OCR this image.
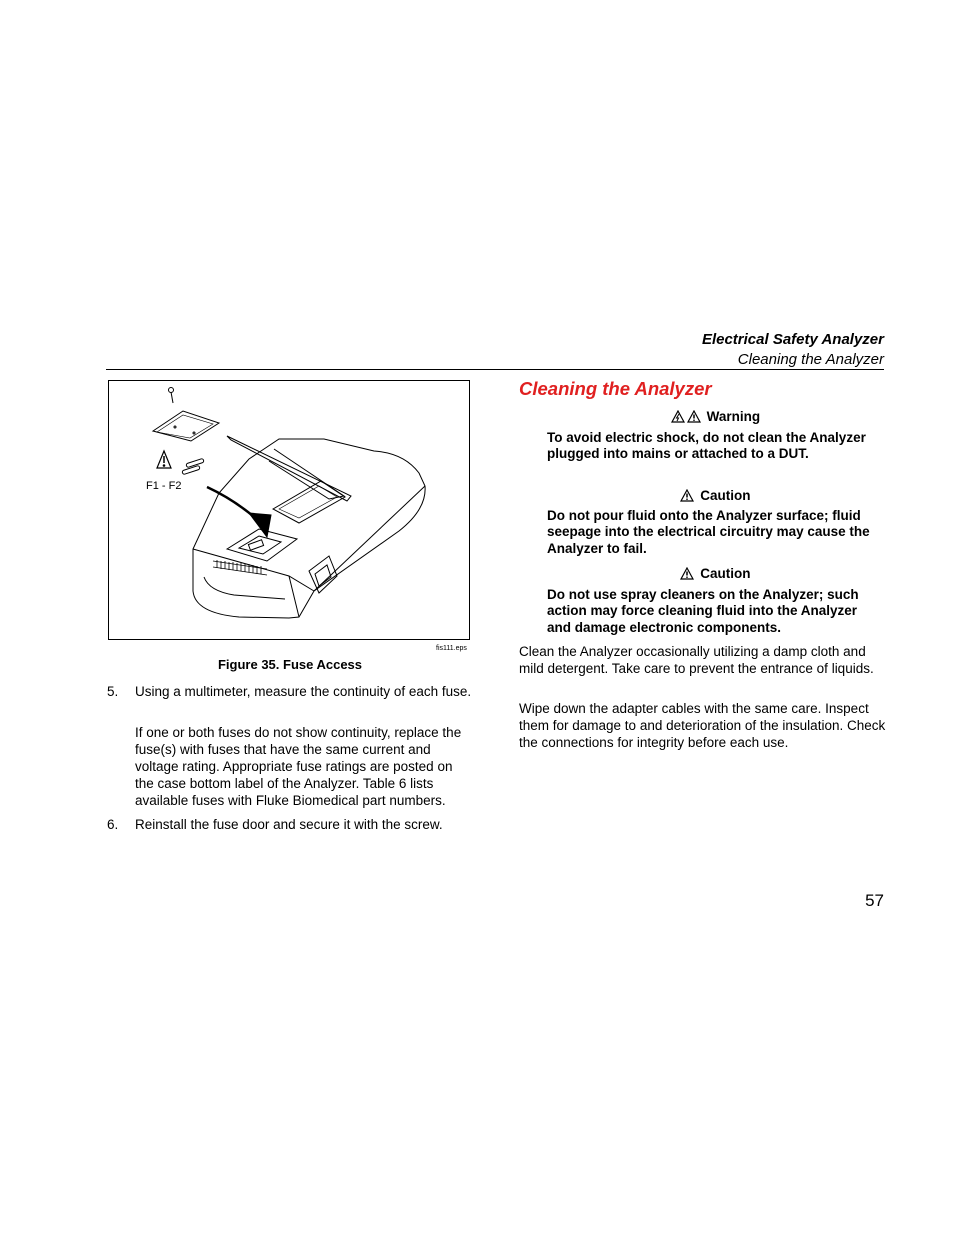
Electrical Safety Analyzer
Cleaning the Analyzer
F1 - F2
fis111.eps
Figure 35. Fuse Access
5. Using a multimeter, measure the continuity of each fuse.
If one or both fuses do not show continuity, replace the fuse(s) with fuses that have the same current and voltage rating. Appropriate fuse ratings are posted on the case bottom label of the Analyzer. Table 6 lists available fuses with Fluke Biomedical part numbers.
6. Reinstall the fuse door and secure it with the screw.
Cleaning the Analyzer
Warning
To avoid electric shock, do not clean the Analyzer plugged into mains or attached to a DUT.
Caution
Do not pour fluid onto the Analyzer surface; fluid seepage into the electrical circuitry may cause the Analyzer to fail.
Caution
Do not use spray cleaners on the Analyzer; such action may force cleaning fluid into the Analyzer and damage electronic components.
Clean the Analyzer occasionally utilizing a damp cloth and mild detergent. Take care to prevent the entrance of liquids.
Wipe down the adapter cables with the same care. Inspect them for damage to and deterioration of the insulation. Check the connections for integrity before each use.
57
